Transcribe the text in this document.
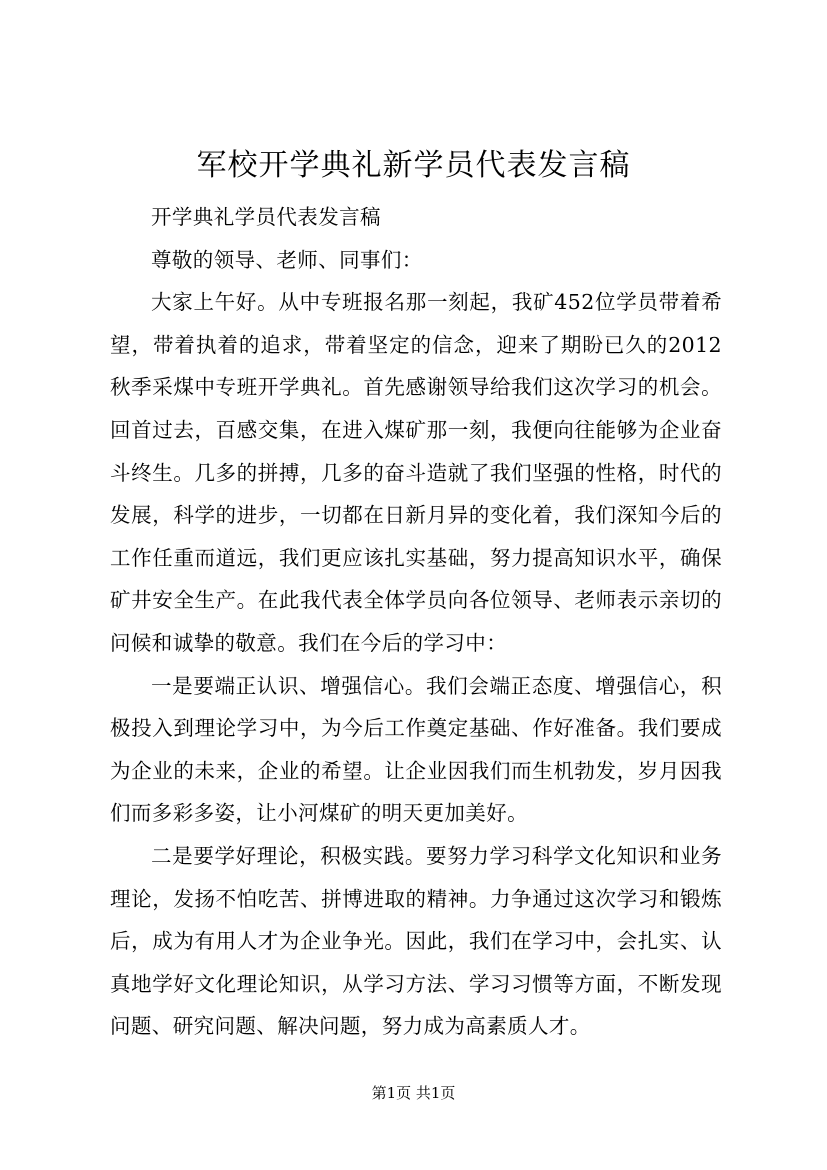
军校开学典礼新学员代表发言稿

开学典礼学员代表发言稿

尊敬的领导、老师、同事们：

大家上午好。从中专班报名那一刻起，我矿452位学员带着希望，带着执着的追求，带着坚定的信念，迎来了期盼已久的2012秋季采煤中专班开学典礼。首先感谢领导给我们这次学习的机会。回首过去，百感交集，在进入煤矿那一刻，我便向往能够为企业奋斗终生。几多的拼搏，几多的奋斗造就了我们坚强的性格，时代的发展，科学的进步，一切都在日新月异的变化着，我们深知今后的工作任重而道远，我们更应该扎实基础，努力提高知识水平，确保矿井安全生产。在此我代表全体学员向各位领导、老师表示亲切的问候和诚挚的敬意。我们在今后的学习中：

一是要端正认识、增强信心。我们会端正态度、增强信心，积极投入到理论学习中，为今后工作奠定基础、作好准备。我们要成为企业的未来，企业的希望。让企业因我们而生机勃发，岁月因我们而多彩多姿，让小河煤矿的明天更加美好。

二是要学好理论，积极实践。要努力学习科学文化知识和业务理论，发扬不怕吃苦、拼博进取的精神。力争通过这次学习和锻炼后，成为有用人才为企业争光。因此，我们在学习中，会扎实、认真地学好文化理论知识，从学习方法、学习习惯等方面，不断发现问题、研究问题、解决问题，努力成为高素质人才。

第1页 共1页
